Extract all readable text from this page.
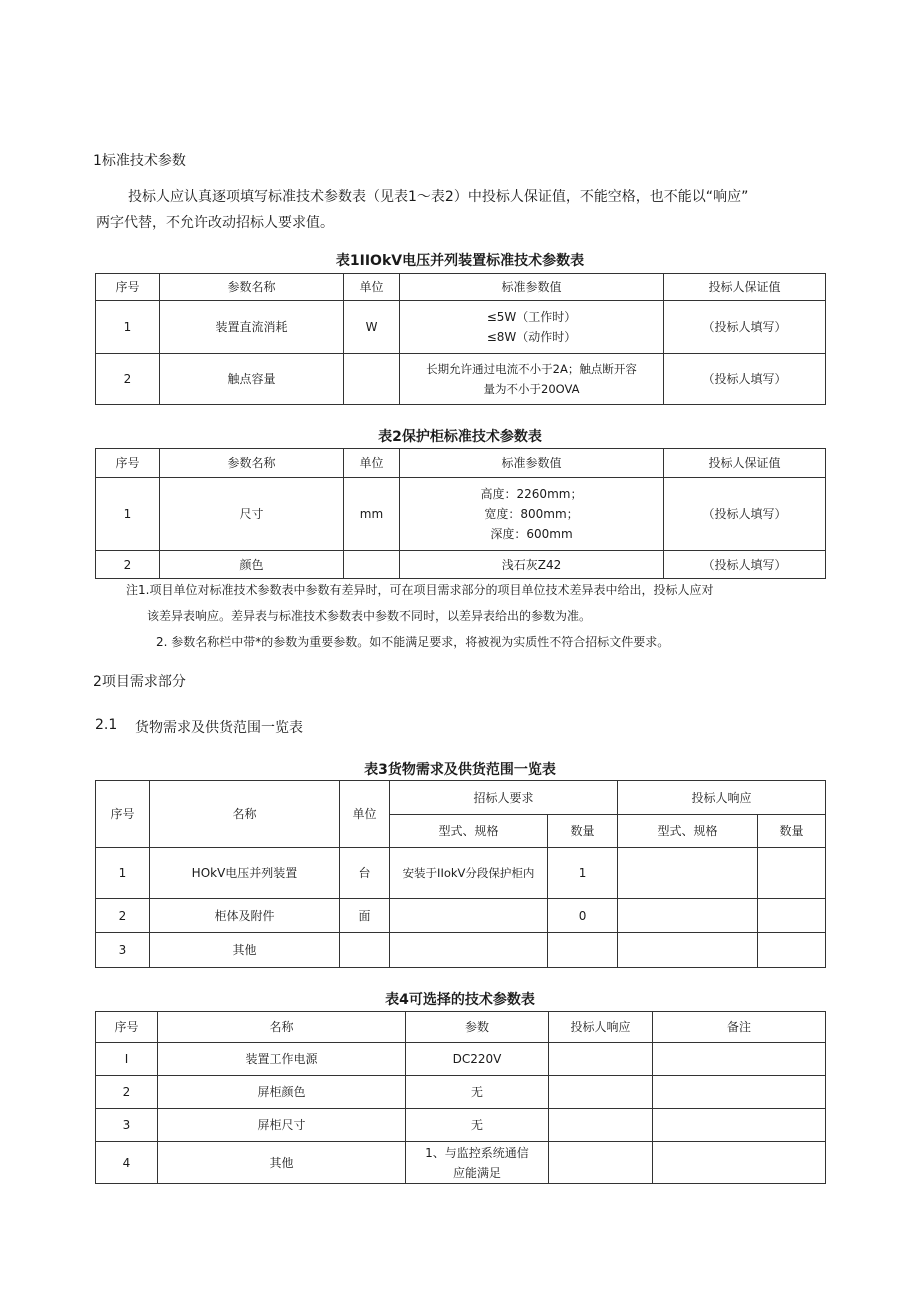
1标准技术参数
投标人应认真逐项填写标准技术参数表（见表1〜表2）中投标人保证值，不能空格，也不能以“响应”
两字代替，不允许改动招标人要求值。
表1IIOkV电压并列装置标准技术参数表
序号	参数名称	单位	标准参数值	投标人保证值
1	装置直流消耗	W	≤5W（工作时）
≤8W（动作时）	（投标人填写）
2	触点容量		长期允许通过电流不小于2A；触点断开容
量为不小于20OVA	（投标人填写）
表2保护柜标准技术参数表
序号	参数名称	单位	标准参数值	投标人保证值
1	尺寸	mm	高度：2260mm；
宽度：800mm；
深度：600mm	（投标人填写）
2	颜色		浅石灰Z42	（投标人填写）
注1.项目单位对标准技术参数表中参数有差异时，可在项目需求部分的项目单位技术差异表中给出，投标人应对
该差异表响应。差异表与标准技术参数表中参数不同时，以差异表给出的参数为准。
2. 参数名称栏中带*的参数为重要参数。如不能满足要求，将被视为实质性不符合招标文件要求。
2项目需求部分
2.1 货物需求及供货范围一览表
表3货物需求及供货范围一览表
序号	名称	单位	招标人要求		投标人响应	
			型式、规格	数量	型式、规格	数量
1	HOkV电压并列装置	台	安装于IIokV分段保护柜内	1		
2	柜体及附件	面		0		
3	其他					
表4可选择的技术参数表
序号	名称	参数	投标人响应	备注
I	装置工作电源	DC220V		
2	屏柜颜色	无		
3	屏柜尺寸	无		
4	其他	1、与监控系统通信
应能满足		
